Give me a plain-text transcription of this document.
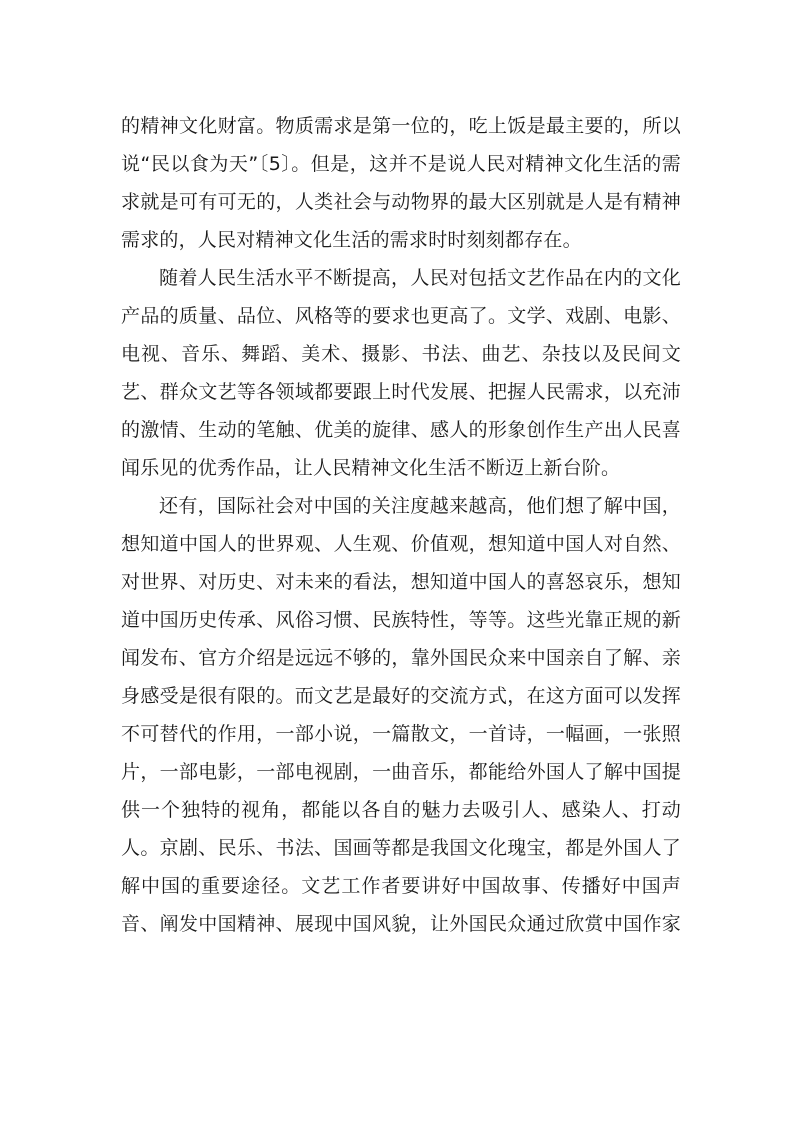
的精神文化财富。物质需求是第一位的，吃上饭是最主要的，所以
说“民以食为天”〔5〕。但是，这并不是说人民对精神文化生活的需
求就是可有可无的，人类社会与动物界的最大区别就是人是有精神
需求的，人民对精神文化生活的需求时时刻刻都存在。
随着人民生活水平不断提高，人民对包括文艺作品在内的文化
产品的质量、品位、风格等的要求也更高了。文学、戏剧、电影、
电视、音乐、舞蹈、美术、摄影、书法、曲艺、杂技以及民间文
艺、群众文艺等各领域都要跟上时代发展、把握人民需求，以充沛
的激情、生动的笔触、优美的旋律、感人的形象创作生产出人民喜
闻乐见的优秀作品，让人民精神文化生活不断迈上新台阶。
还有，国际社会对中国的关注度越来越高，他们想了解中国，
想知道中国人的世界观、人生观、价值观，想知道中国人对自然、
对世界、对历史、对未来的看法，想知道中国人的喜怒哀乐，想知
道中国历史传承、风俗习惯、民族特性，等等。这些光靠正规的新
闻发布、官方介绍是远远不够的，靠外国民众来中国亲自了解、亲
身感受是很有限的。而文艺是最好的交流方式，在这方面可以发挥
不可替代的作用，一部小说，一篇散文，一首诗，一幅画，一张照
片，一部电影，一部电视剧，一曲音乐，都能给外国人了解中国提
供一个独特的视角，都能以各自的魅力去吸引人、感染人、打动
人。京剧、民乐、书法、国画等都是我国文化瑰宝，都是外国人了
解中国的重要途径。文艺工作者要讲好中国故事、传播好中国声
音、阐发中国精神、展现中国风貌，让外国民众通过欣赏中国作家
